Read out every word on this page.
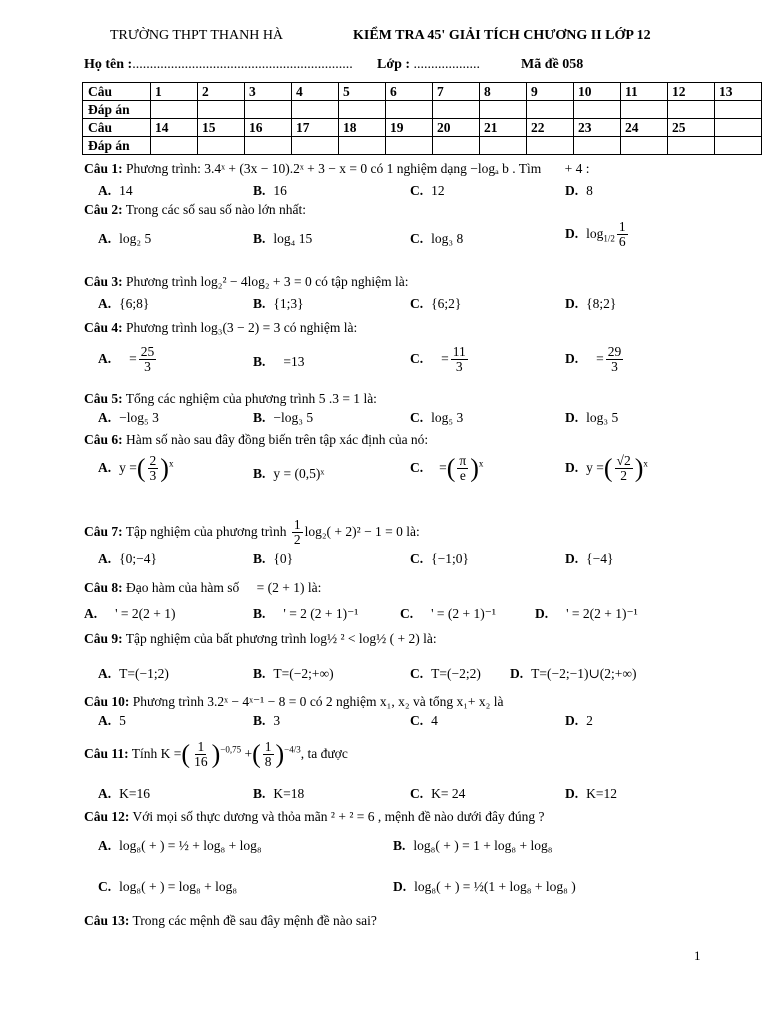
TRƯỜNG THPT THANH HÀ	KIỂM TRA 45' GIẢI TÍCH CHƯƠNG II LỚP 12
Họ tên :............................................................... Lớp : ...................	Mã đề 058
Câu	1	2	3	4	5	6	7	8	9	10	11	12	13
Đáp án													
Câu	14	15	16	17	18	19	20	21	22	23	24	25	
Đáp án													
Câu 1: Phương trình: 3.4ˣ + (3x − 10).2ˣ + 3 − x = 0 có 1 nghiệm dạng −logₐ b . Tìm + 4 :
A. 14	B. 16	C. 12	D. 8
Câu 2: Trong các số sau số nào lớn nhất:
A. log₂ 5	B. log₄ 15	C. log₃ 8	D. $\log_{1/2} \frac{1}{6}$
Câu 3: Phương trình log₂² − 4log₂ + 3 = 0 có tập nghiệm là:
A. {6;8}	B. {1;3}	C. {6;2}	D. {8;2}
Câu 4: Phương trình log₃(3 − 2) = 3 có nghiệm là:
A. = $\frac{25}{3}$	B. =13	C. = $\frac{11}{3}$	D. = $\frac{29}{3}$
Câu 5: Tổng các nghiệm của phương trình 5 .3 = 1 là:
A. −log₅ 3	B. −log₃ 5	C. log₅ 3	D. log₃ 5
Câu 6: Hàm số nào sau đây đồng biến trên tập xác định của nó:
A. y =( $\frac{2}{3} )^x$
B. y = (0,5)ˣ	C. =( $\frac{\pi}{e} )^x$	D. y =( $\frac{√2}{2} )^x$
Câu 7: Tập nghiệm của phương trình $\frac{1}{2} \log_2( + 2)^2 - 1 = 0$ là:
A. {0;−4}	B. {0}	C. {−1;0}	D. {−4}
Câu 8: Đạo hàm của hàm số = (2 + 1) là:
A. ' = 2(2 + 1)	B. ' = 2 (2 + 1)⁻¹	C. ' = (2 + 1)⁻¹	D. ' = 2(2 + 1)⁻¹
Câu 9: Tập nghiệm của bất phương trình log½ ² < log½ ( + 2) là:
A. T=(−1;2)	B. T=(−2;+∞)	C. T=(−2;2) D. T=(−2;−1)∪(2;+∞)
Câu 10: Phương trình 3.2ˣ − 4ˣ⁻¹ − 8 = 0 có 2 nghiệm x₁, x₂ và tổng x₁+ x₂ là
A. 5	B. 3	C. 4	D. 2
Câu 11: Tính K =( $\frac{1}{16} )^{-0,75}$ +( $\frac{1}{8} )^{-4/3}$, ta được
A. K=16	B. K=18	C. K= 24	D. K=12
Câu 12: Với mọi số thực dương và thỏa mãn ² + ² = 6 , mệnh đề nào dưới đây đúng ?
A. log₈( + ) = ½ + log₈ + log₈	B. log₈( + ) = 1 + log₈ + log₈
C. log₈( + ) = log₈ + log₈	D. log₈( + ) = ½(1 + log₈ + log₈ )
Câu 13: Trong các mệnh đề sau đây mệnh đề nào sai?
1
